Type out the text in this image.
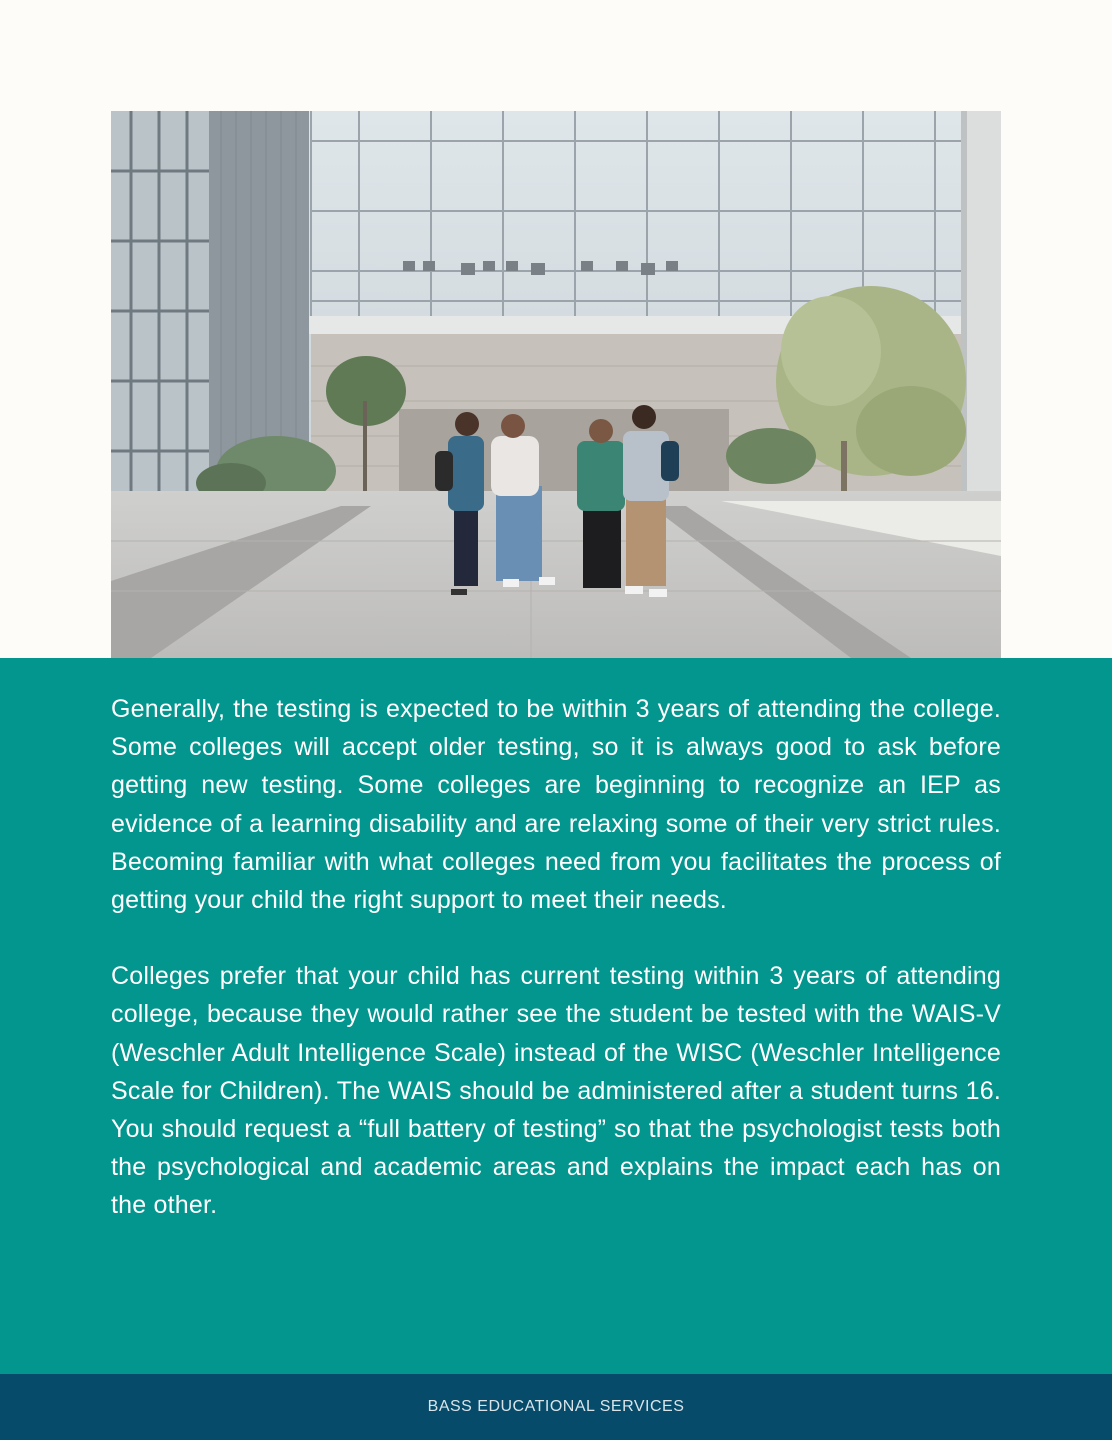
Generally, the testing is expected to be within 3 years of attending the college. Some colleges will accept older testing, so it is always good to ask before getting new testing. Some colleges are beginning to recognize an IEP as evidence of a learning disability and are relaxing some of their very strict rules. Becoming familiar with what colleges need from you facilitates the process of getting your child the right support to meet their needs.

Colleges prefer that your child has current testing within 3 years of attending college, because they would rather see the student be tested with the WAIS-V (Weschler Adult Intelligence Scale) instead of the WISC (Weschler Intelligence Scale for Children). The WAIS should be administered after a student turns 16. You should request a “full battery of testing” so that the psychologist tests both the psychological and academic areas and explains the impact each has on the other.

BASS EDUCATIONAL SERVICES
